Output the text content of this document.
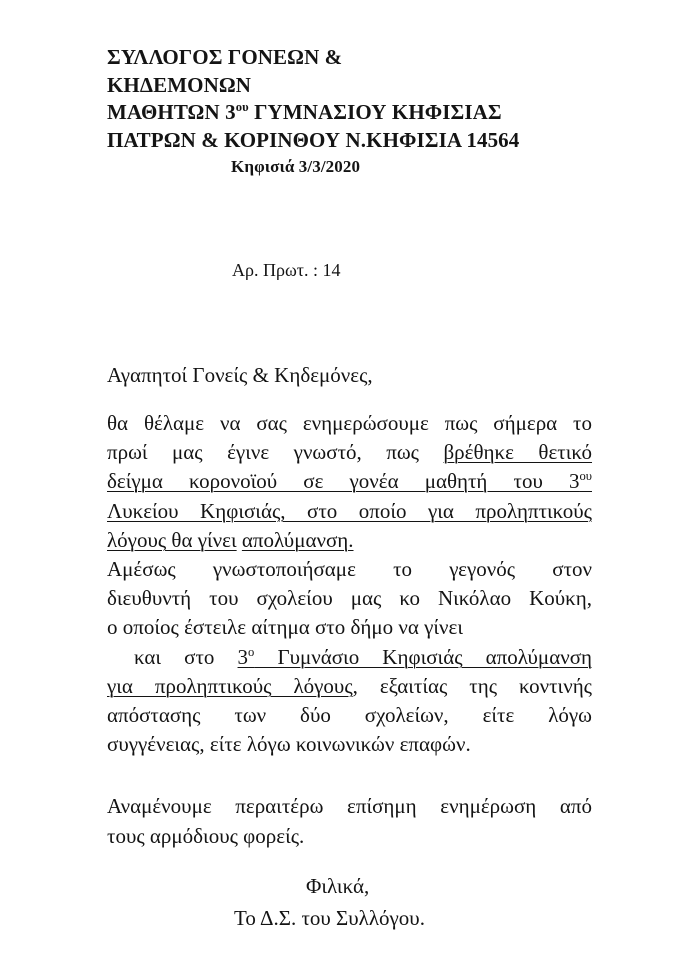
ΣΥΛΛΟΓΟΣ ΓΟΝΕΩΝ &
ΚΗΔΕΜΟΝΩΝ
ΜΑΘΗΤΩΝ $3^{o\upsilon}$ ΓΥΜΝΑΣΙΟΥ ΚΗΦΙΣΙΑΣ
ΠΑΤΡΩΝ & ΚΟΡΙΝΘΟΥ Ν.ΚΗΦΙΣΙΑ 14564
Κηφισιά 3/3/2020
Αρ. Πρωτ. : 14
Αγαπητοί Γονείς & Κηδεμόνες,
θα θέλαμε να σας ενημερώσουμε πως σήμερα το
πρωί μας έγινε γνωστό, πως βρέθηκε θετικό
δείγμα κορονοϊού σε γονέα μαθητή του $3^{o\upsilon}$
Λυκείου Κηφισιάς, στο οποίο για προληπτικούς
λόγους θα γίνει απολύμανση.
Αμέσως γνωστοποιήσαμε το γεγονός στον
διευθυντή του σχολείου μας κο Νικόλαο Κούκη,
ο οποίος έστειλε αίτημα στο δήμο να γίνει
και στο $3^o$ Γυμνάσιο Κηφισιάς απολύμανση
για προληπτικούς λόγους, εξαιτίας της κοντινής
απόστασης των δύο σχολείων, είτε λόγω
συγγένειας, είτε λόγω κοινωνικών επαφών.
Αναμένουμε περαιτέρω επίσημη ενημέρωση από
τους αρμόδιους φορείς.
Φιλικά,
Το Δ.Σ. του Συλλόγου.
